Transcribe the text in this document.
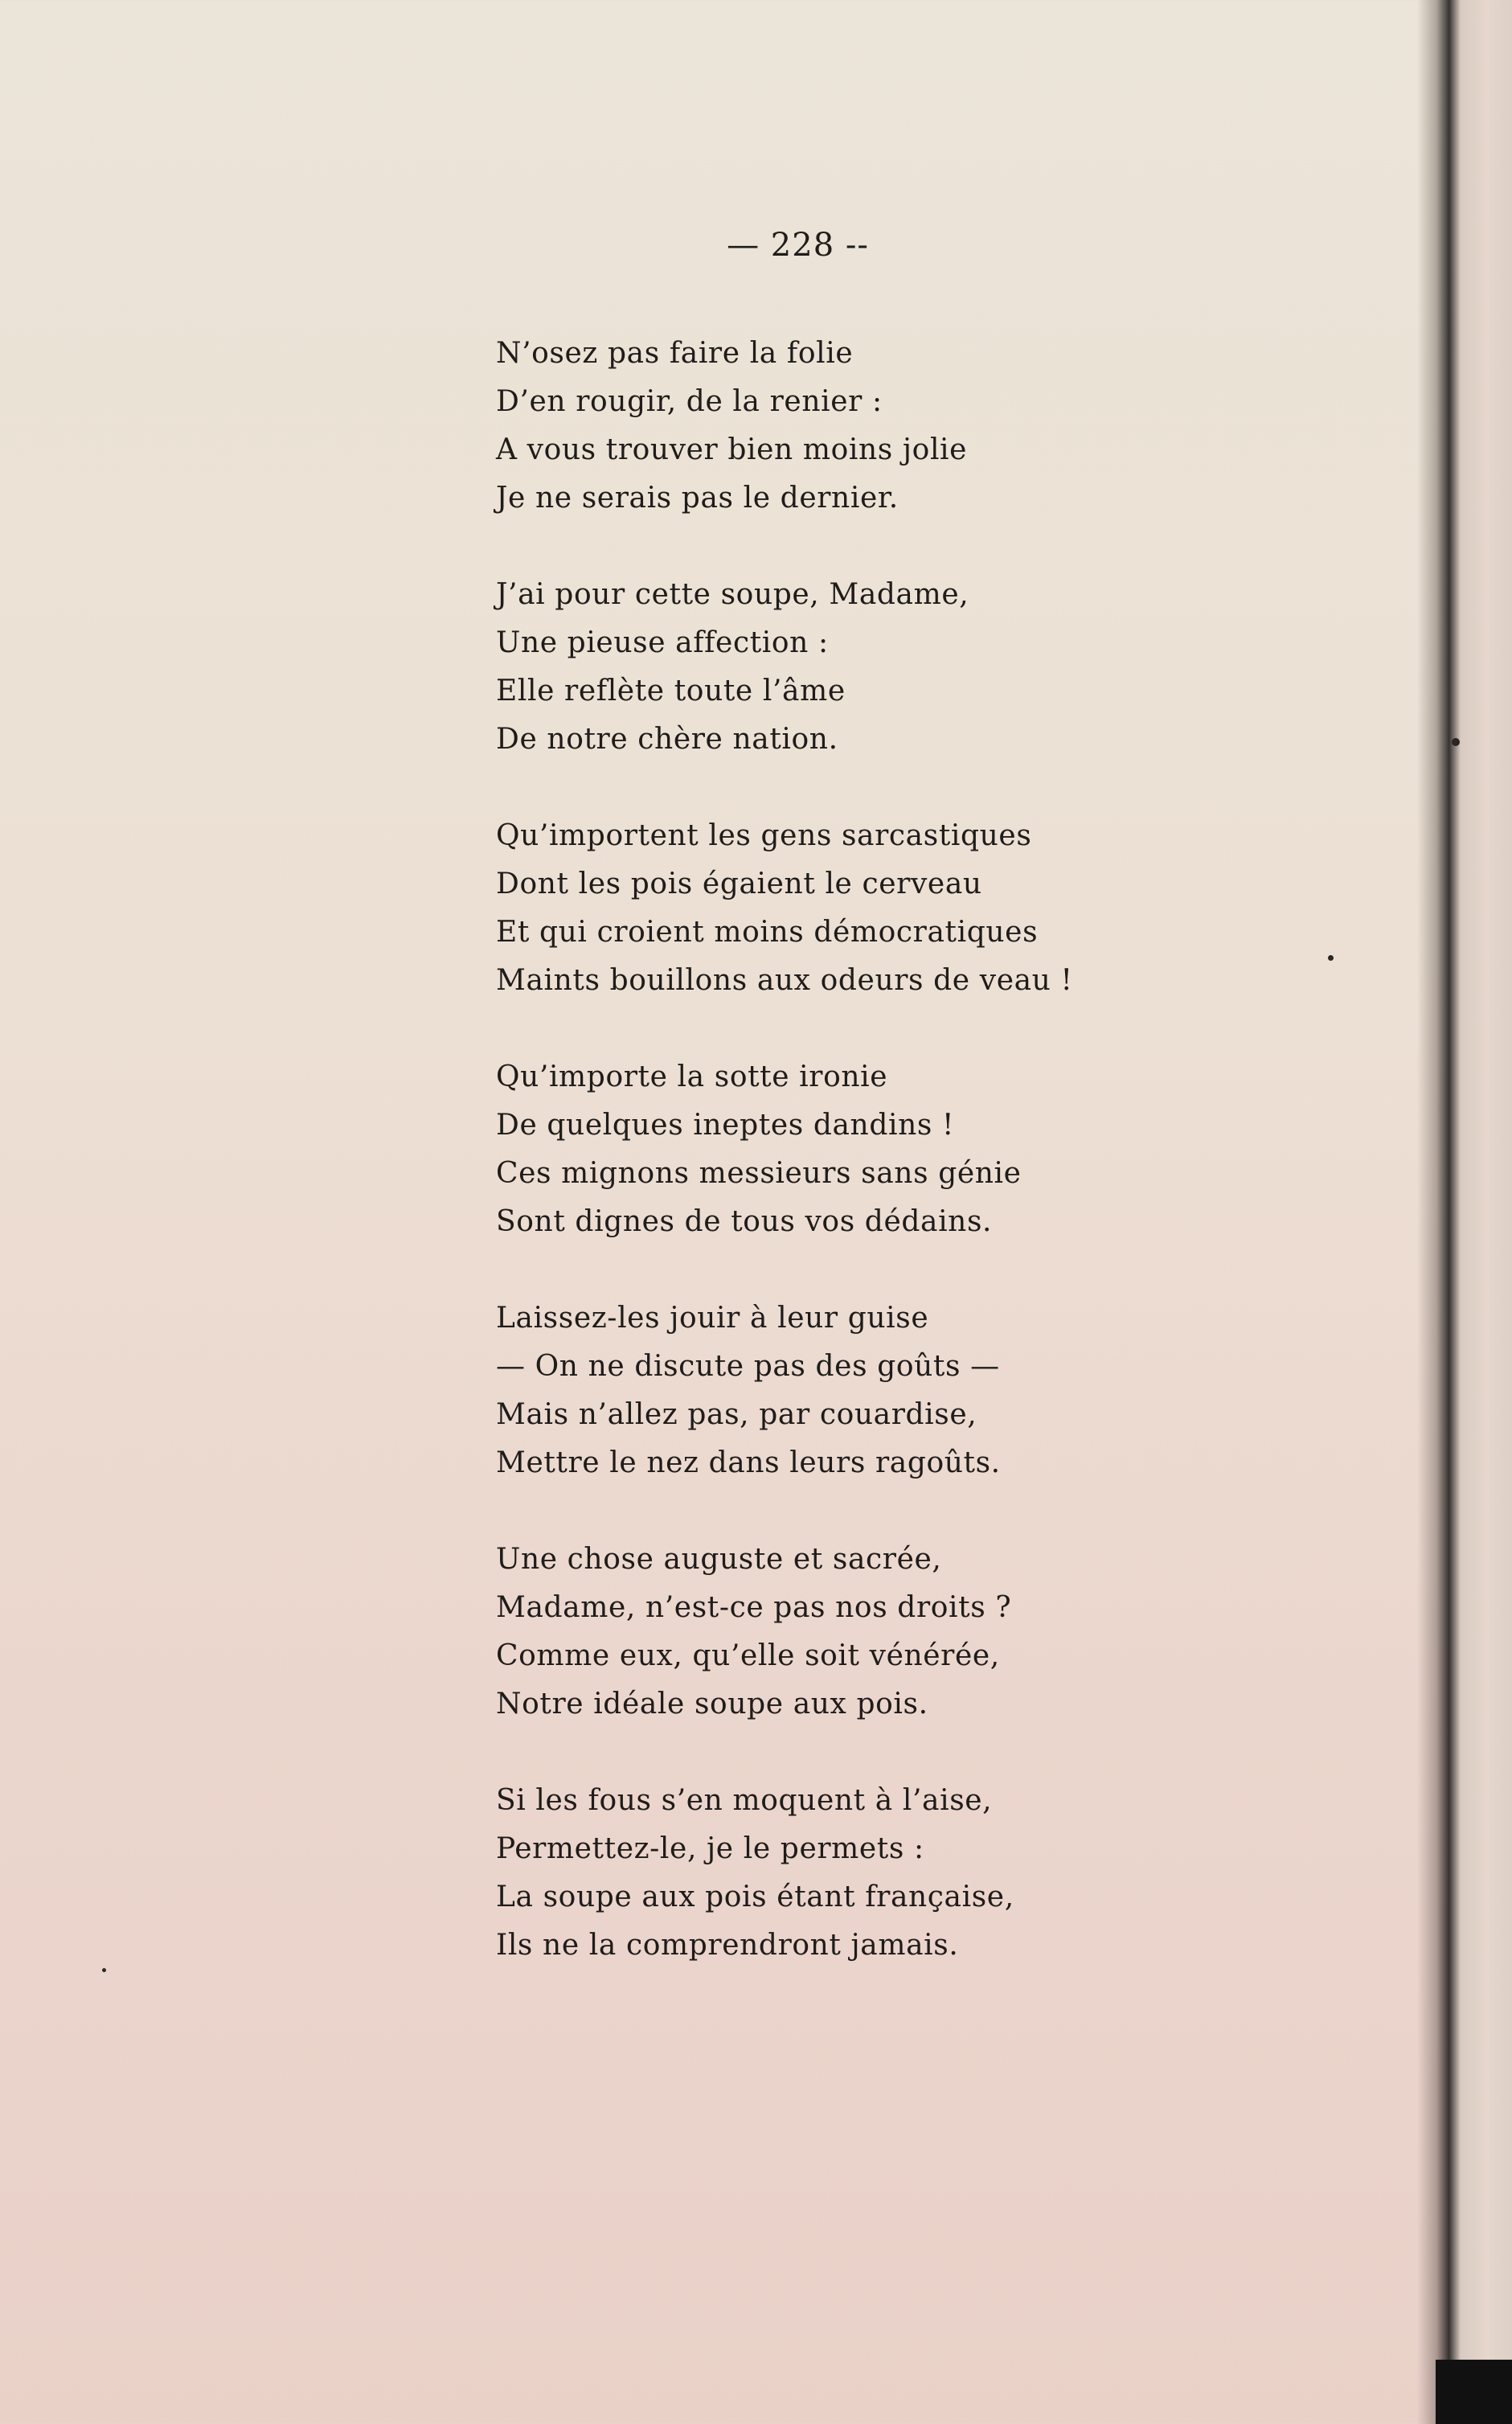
— 228 --
N’osez pas faire la folie
D’en rougir, de la renier :
A vous trouver bien moins jolie
Je ne serais pas le dernier.
J’ai pour cette soupe, Madame,
Une pieuse affection :
Elle reflète toute l’âme
De notre chère nation.
Qu’importent les gens sarcastiques
Dont les pois égaient le cerveau
Et qui croient moins démocratiques
Maints bouillons aux odeurs de veau !
Qu’importe la sotte ironie
De quelques ineptes dandins !
Ces mignons messieurs sans génie
Sont dignes de tous vos dédains.
Laissez-les jouir à leur guise
— On ne discute pas des goûts —
Mais n’allez pas, par couardise,
Mettre le nez dans leurs ragoûts.
Une chose auguste et sacrée,
Madame, n’est-ce pas nos droits ?
Comme eux, qu’elle soit vénérée,
Notre idéale soupe aux pois.
Si les fous s’en moquent à l’aise,
Permettez-le, je le permets :
La soupe aux pois étant française,
Ils ne la comprendront jamais.
